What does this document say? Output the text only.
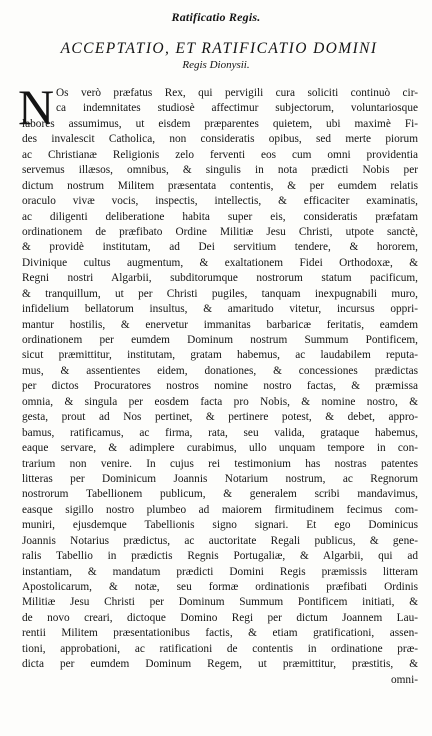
Ratificatio Regis.
ACCEPTATIO, ET RATIFICATIO DOMINI
Regis Dionysii.
N Os verò præfatus Rex, qui pervigili cura soliciti continuò cir-
ca indemnitates studiosè affectimur subjectorum, voluntariosque
labores assumimus, ut eisdem præparentes quietem, ubi maximè Fi-
des invalescit Catholica, non consideratis opibus, sed merte piorum
ac Christianæ Religionis zelo ferventi eos cum omni providentia
servemus illæsos, omnibus, & singulis in nota prædicti Nobis per
dictum nostrum Militem præsentata contentis, & per eumdem relatis
oraculo vivæ vocis, inspectis, intellectis, & efficaciter examinatis,
ac diligenti deliberatione habita super eis, consideratis præfatam
ordinationem de præfibato Ordine Militiæ Jesu Christi, utpote sanctè,
& providè institutam, ad Dei servitium tendere, & hororem,
Divinique cultus augmentum, & exaltationem Fidei Orthodoxæ, &
Regni nostri Algarbii, subditorumque nostrorum statum pacificum,
& tranquillum, ut per Christi pugiles, tanquam inexpugnabili muro,
infidelium bellatorum insultus, & amaritudo vitetur, incursus oppri-
mantur hostilis, & enervetur immanitas barbaricæ feritatis, eamdem
ordinationem per eumdem Dominum nostrum Summum Pontificem,
sicut præmittitur, institutam, gratam habemus, ac laudabilem reputa-
mus, & assentientes eidem, donationes, & concessiones prædictas
per dictos Procuratores nostros nomine nostro factas, & præmissa
omnia, & singula per eosdem facta pro Nobis, & nomine nostro, &
gesta, prout ad Nos pertinet, & pertinere potest, & debet, appro-
bamus, ratificamus, ac firma, rata, seu valida, grataque habemus,
eaque servare, & adimplere curabimus, ullo unquam tempore in con-
trarium non venire. In cujus rei testimonium has nostras patentes
litteras per Dominicum Joannis Notarium nostrum, ac Regnorum
nostrorum Tabellionem publicum, & generalem scribi mandavimus,
easque sigillo nostro plumbeo ad maiorem firmitudinem fecimus com-
muniri, ejusdemque Tabellionis signo signari. Et ego Dominicus
Joannis Notarius prædictus, ac auctoritate Regali publicus, & gene-
ralis Tabellio in prædictis Regnis Portugaliæ, & Algarbii, qui ad
instantiam, & mandatum prædicti Domini Regis præmissis litteram
Apostolicarum, & notæ, seu formæ ordinationis præfibati Ordinis
Militiæ Jesu Christi per Dominum Summum Pontificem initiati, &
de novo creari, dictoque Domino Regi per dictum Joannem Lau-
rentii Militem præsentationibus factis, & etiam gratificationi, assen-
tioni, approbationi, ac ratificationi de contentis in ordinatione præ-
dicta per eumdem Dominum Regem, ut præmittitur, præstitis, &
omni-
